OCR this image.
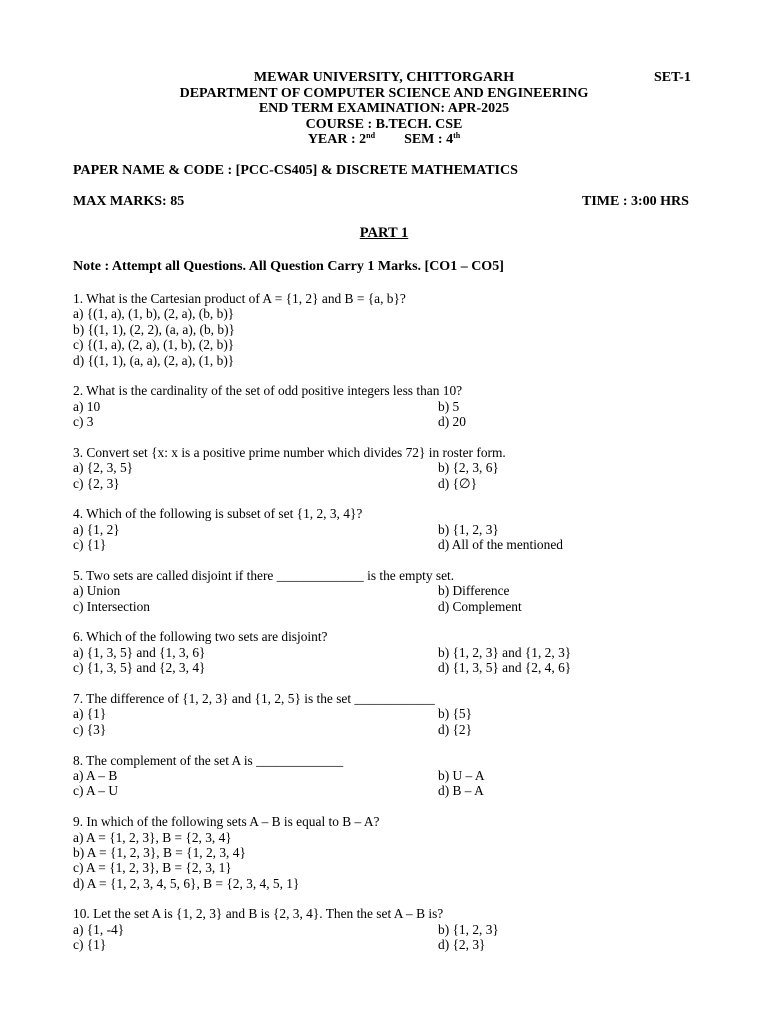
MEWAR UNIVERSITY, CHITTORGARH	SET-1
DEPARTMENT OF COMPUTER SCIENCE AND ENGINEERING
END TERM EXAMINATION: APR-2025
COURSE : B.TECH. CSE
YEAR : 2nd SEM : 4th
PAPER NAME & CODE : [PCC-CS405] & DISCRETE MATHEMATICS
MAX MARKS: 85	TIME : 3:00 HRS
PART 1
Note : Attempt all Questions. All Question Carry 1 Marks. [CO1 – CO5]
1. What is the Cartesian product of A = {1, 2} and B = {a, b}?
a) {(1, a), (1, b), (2, a), (b, b)}
b) {(1, 1), (2, 2), (a, a), (b, b)}
c) {(1, a), (2, a), (1, b), (2, b)}
d) {(1, 1), (a, a), (2, a), (1, b)}
2. What is the cardinality of the set of odd positive integers less than 10?
a) 10	b) 5
c) 3	d) 20
3. Convert set {x: x is a positive prime number which divides 72} in roster form.
a) {2, 3, 5}	b) {2, 3, 6}
c) {2, 3}	d) {∅}
4. Which of the following is subset of set {1, 2, 3, 4}?
a) {1, 2}	b) {1, 2, 3}
c) {1}	d) All of the mentioned
5. Two sets are called disjoint if there _____________ is the empty set.
a) Union	b) Difference
c) Intersection	d) Complement
6. Which of the following two sets are disjoint?
a) {1, 3, 5} and {1, 3, 6}	b) {1, 2, 3} and {1, 2, 3}
c) {1, 3, 5} and {2, 3, 4}	d) {1, 3, 5} and {2, 4, 6}
7. The difference of {1, 2, 3} and {1, 2, 5} is the set ____________
a) {1}	b) {5}
c) {3}	d) {2}
8. The complement of the set A is _____________
a) A – B	b) U – A
c) A – U	d) B – A
9. In which of the following sets A – B is equal to B – A?
a) A = {1, 2, 3}, B = {2, 3, 4}
b) A = {1, 2, 3}, B = {1, 2, 3, 4}
c) A = {1, 2, 3}, B = {2, 3, 1}
d) A = {1, 2, 3, 4, 5, 6}, B = {2, 3, 4, 5, 1}
10. Let the set A is {1, 2, 3} and B is {2, 3, 4}. Then the set A – B is?
a) {1, -4}	b) {1, 2, 3}
c) {1}	d) {2, 3}
